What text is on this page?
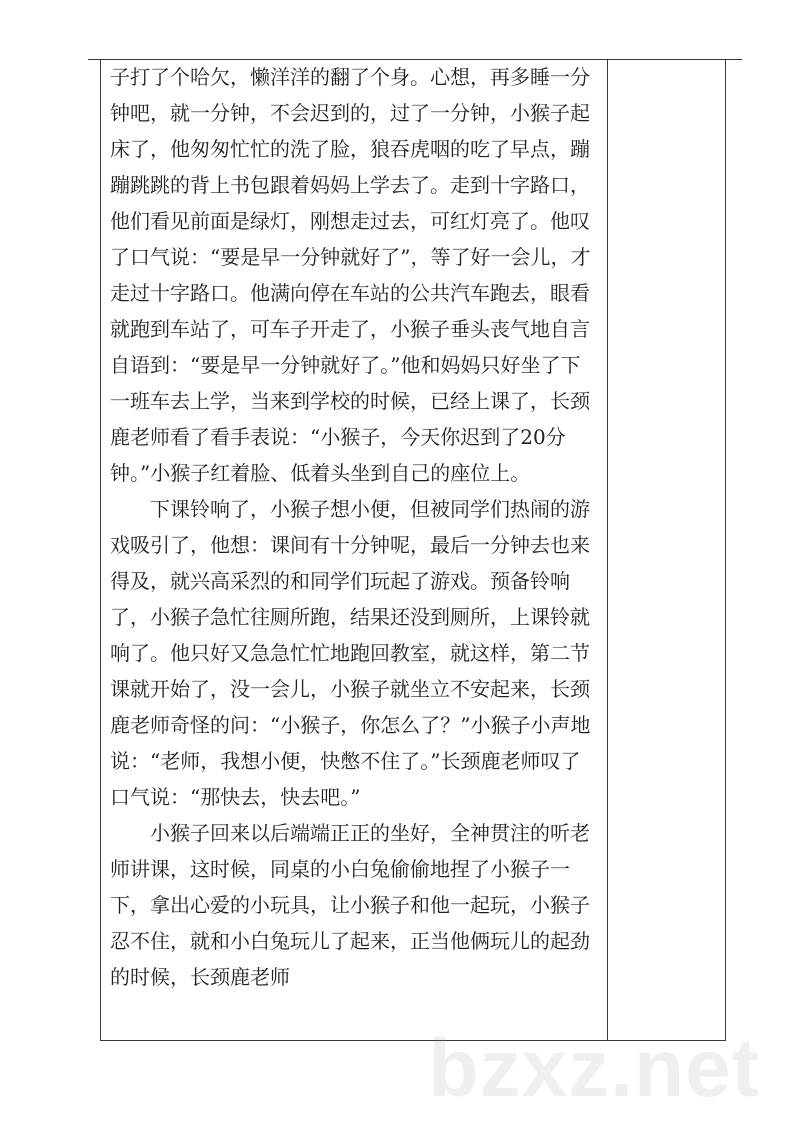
子打了个哈欠，懒洋洋的翻了个身。心想，再多睡一分钟吧，就一分钟，不会迟到的，过了一分钟，小猴子起床了，他匆匆忙忙的洗了脸，狼吞虎咽的吃了早点，蹦蹦跳跳的背上书包跟着妈妈上学去了。走到十字路口，他们看见前面是绿灯，刚想走过去，可红灯亮了。他叹了口气说：“要是早一分钟就好了”，等了好一会儿，才走过十字路口。他满向停在车站的公共汽车跑去，眼看就跑到车站了，可车子开走了，小猴子垂头丧气地自言自语到：“要是早一分钟就好了。”他和妈妈只好坐了下一班车去上学，当来到学校的时候，已经上课了，长颈鹿老师看了看手表说：“小猴子，今天你迟到了20分钟。”小猴子红着脸、低着头坐到自己的座位上。

下课铃响了，小猴子想小便，但被同学们热闹的游戏吸引了，他想：课间有十分钟呢，最后一分钟去也来得及，就兴高采烈的和同学们玩起了游戏。预备铃响了，小猴子急忙往厕所跑，结果还没到厕所，上课铃就响了。他只好又急急忙忙地跑回教室，就这样，第二节课就开始了，没一会儿，小猴子就坐立不安起来，长颈鹿老师奇怪的问：“小猴子，你怎么了？”小猴子小声地说：“老师，我想小便，快憋不住了。”长颈鹿老师叹了口气说：“那快去，快去吧。”

小猴子回来以后端端正正的坐好，全神贯注的听老师讲课，这时候，同桌的小白兔偷偷地捏了小猴子一下，拿出心爱的小玩具，让小猴子和他一起玩，小猴子忍不住，就和小白兔玩儿了起来，正当他俩玩儿的起劲的时候，长颈鹿老师

bzxz.net
